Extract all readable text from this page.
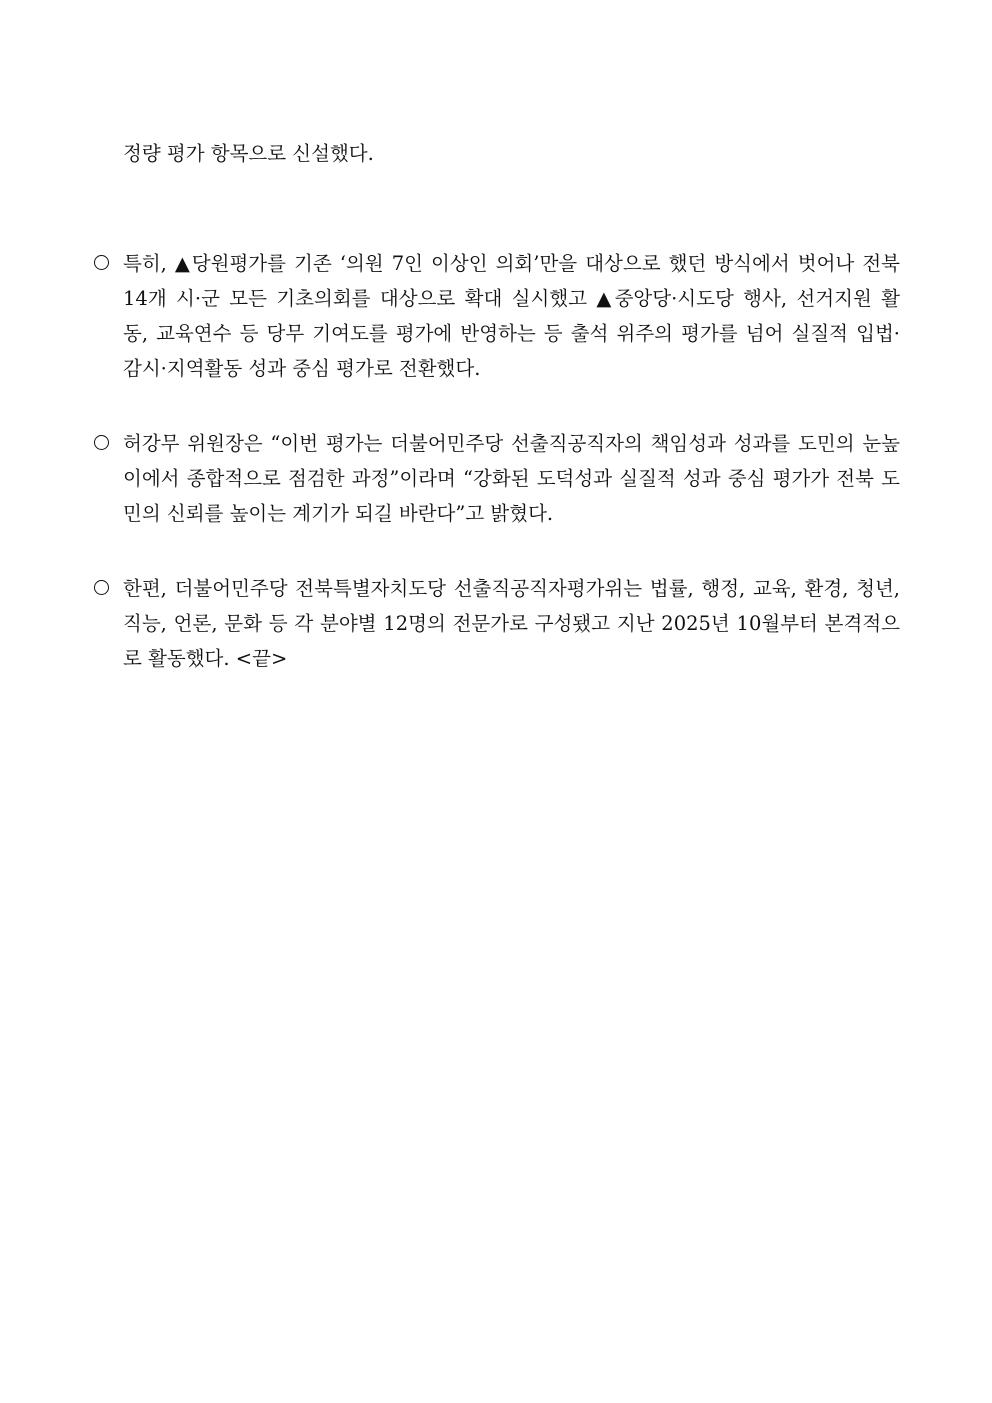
정량 평가 항목으로 신설했다.
특히, ▲당원평가를 기존 ‘의원 7인 이상인 의회’만을 대상으로 했던 방식에서 벗어나 전북
14개 시·군 모든 기초의회를 대상으로 확대 실시했고 ▲중앙당·시도당 행사, 선거지원 활
동, 교육연수 등 당무 기여도를 평가에 반영하는 등 출석 위주의 평가를 넘어 실질적 입법·
감시·지역활동 성과 중심 평가로 전환했다.
허강무 위원장은 “이번 평가는 더불어민주당 선출직공직자의 책임성과 성과를 도민의 눈높
이에서 종합적으로 점검한 과정”이라며 “강화된 도덕성과 실질적 성과 중심 평가가 전북 도
민의 신뢰를 높이는 계기가 되길 바란다”고 밝혔다.
한편, 더불어민주당 전북특별자치도당 선출직공직자평가위는 법률, 행정, 교육, 환경, 청년,
직능, 언론, 문화 등 각 분야별 12명의 전문가로 구성됐고 지난 2025년 10월부터 본격적으
로 활동했다. <끝>
